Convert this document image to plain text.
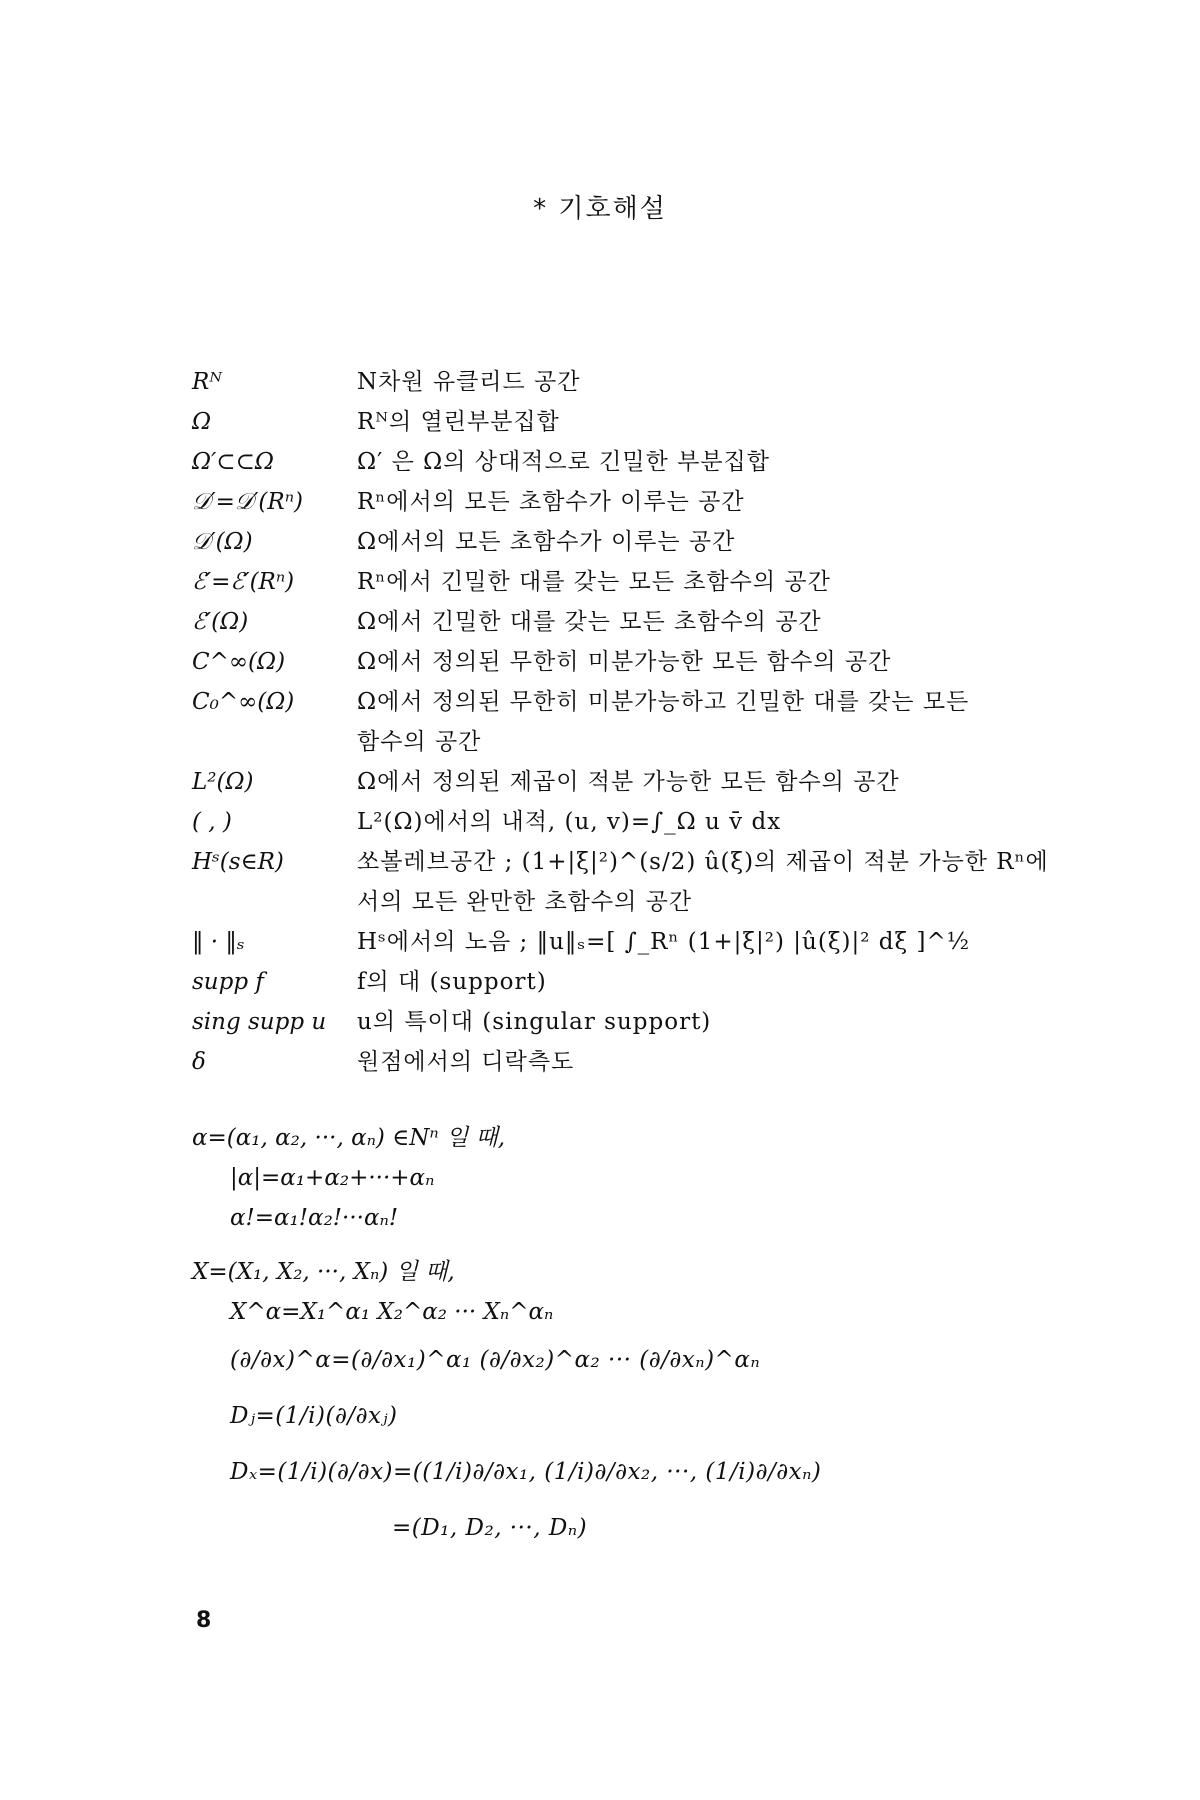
* 기호해설
Rᴺ	N차원 유클리드 공간
Ω	Rᴺ의 열린부분집합
Ω′⊂⊂Ω	Ω′ 은 Ω의 상대적으로 긴밀한 부분집합
𝒟′=𝒟′(Rⁿ)	Rⁿ에서의 모든 초함수가 이루는 공간
𝒟′(Ω)	Ω에서의 모든 초함수가 이루는 공간
ℰ′=ℰ′(Rⁿ)	Rⁿ에서 긴밀한 대를 갖는 모든 초함수의 공간
ℰ′(Ω)	Ω에서 긴밀한 대를 갖는 모든 초함수의 공간
C^∞(Ω)	Ω에서 정의된 무한히 미분가능한 모든 함수의 공간
C₀^∞(Ω)	Ω에서 정의된 무한히 미분가능하고 긴밀한 대를 갖는 모든
함수의 공간
L²(Ω)	Ω에서 정의된 제곱이 적분 가능한 모든 함수의 공간
( , )	L²(Ω)에서의 내적, (u, v)=∫_Ω u v̄ dx
Hˢ(s∈R)	쏘볼레브공간 ; (1+|ξ|²)^(s/2) û(ξ)의 제곱이 적분 가능한 Rⁿ에
서의 모든 완만한 초함수의 공간
‖ · ‖ₛ	Hˢ에서의 노음 ; ‖u‖ₛ=[ ∫_Rⁿ (1+|ξ|²) |û(ξ)|² dξ ]^½
supp f	f의 대 (support)
sing supp u	u의 특이대 (singular support)
δ	원점에서의 디락측도
α=(α₁, α₂, ···, αₙ) ∈Nⁿ 일 때,
|α|=α₁+α₂+···+αₙ
α!=α₁!α₂!···αₙ!
X=(X₁, X₂, ···, Xₙ) 일 때,
X^α=X₁^α₁ X₂^α₂ ··· Xₙ^αₙ
(∂/∂x)^α=(∂/∂x₁)^α₁ (∂/∂x₂)^α₂ ··· (∂/∂xₙ)^αₙ
Dⱼ=(1/i)(∂/∂xⱼ)
Dₓ=(1/i)(∂/∂x)=((1/i)∂/∂x₁, (1/i)∂/∂x₂, ···, (1/i)∂/∂xₙ)
=(D₁, D₂, ···, Dₙ)
8
